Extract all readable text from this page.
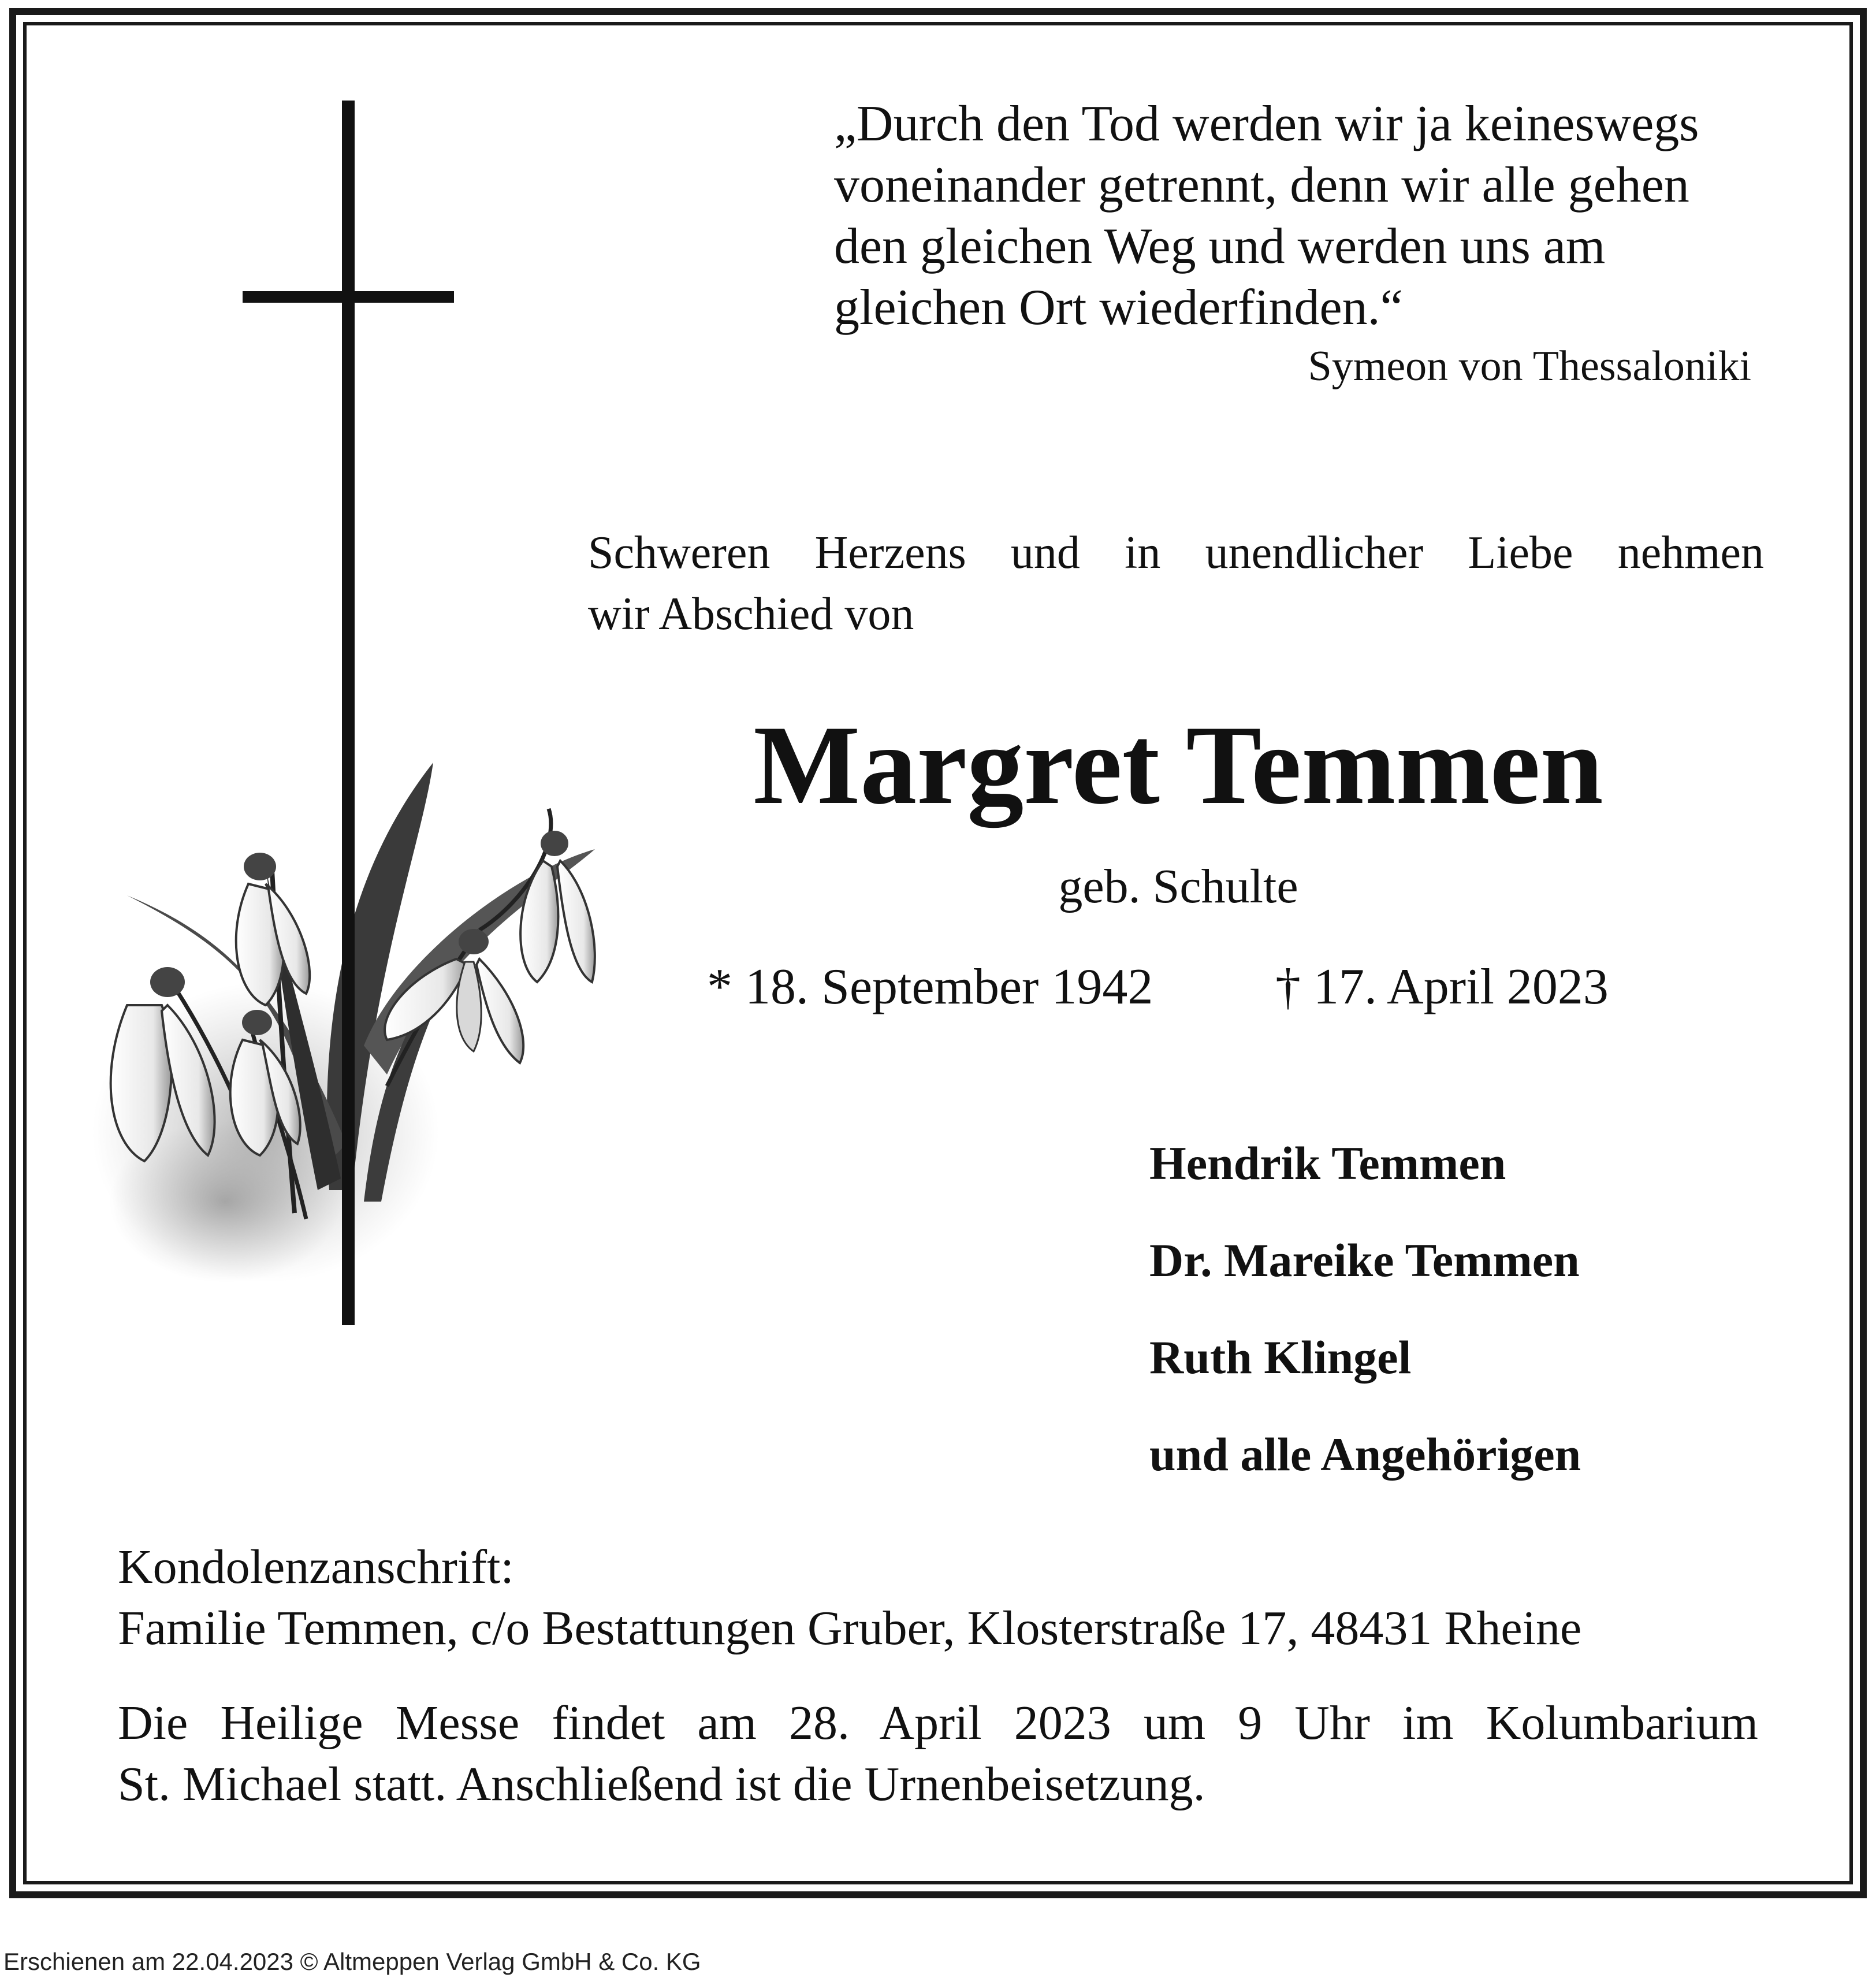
„Durch den Tod werden wir ja keineswegs
voneinander getrennt, denn wir alle gehen
den gleichen Weg und werden uns am
gleichen Ort wiederfinden.“
Symeon von Thessaloniki
Schweren Herzens und in unendlicher Liebe nehmen
wir Abschied von
Margret Temmen
geb. Schulte
* 18. September 1942 † 17. April 2023
Hendrik Temmen
Dr. Mareike Temmen
Ruth Klingel
und alle Angehörigen
Kondolenzanschrift:
Familie Temmen, c/o Bestattungen Gruber, Klosterstraße 17, 48431 Rheine
Die Heilige Messe findet am 28. April 2023 um 9 Uhr im Kolumbarium
St. Michael statt. Anschließend ist die Urnenbeisetzung.
Erschienen am 22.04.2023 © Altmeppen Verlag GmbH & Co. KG
